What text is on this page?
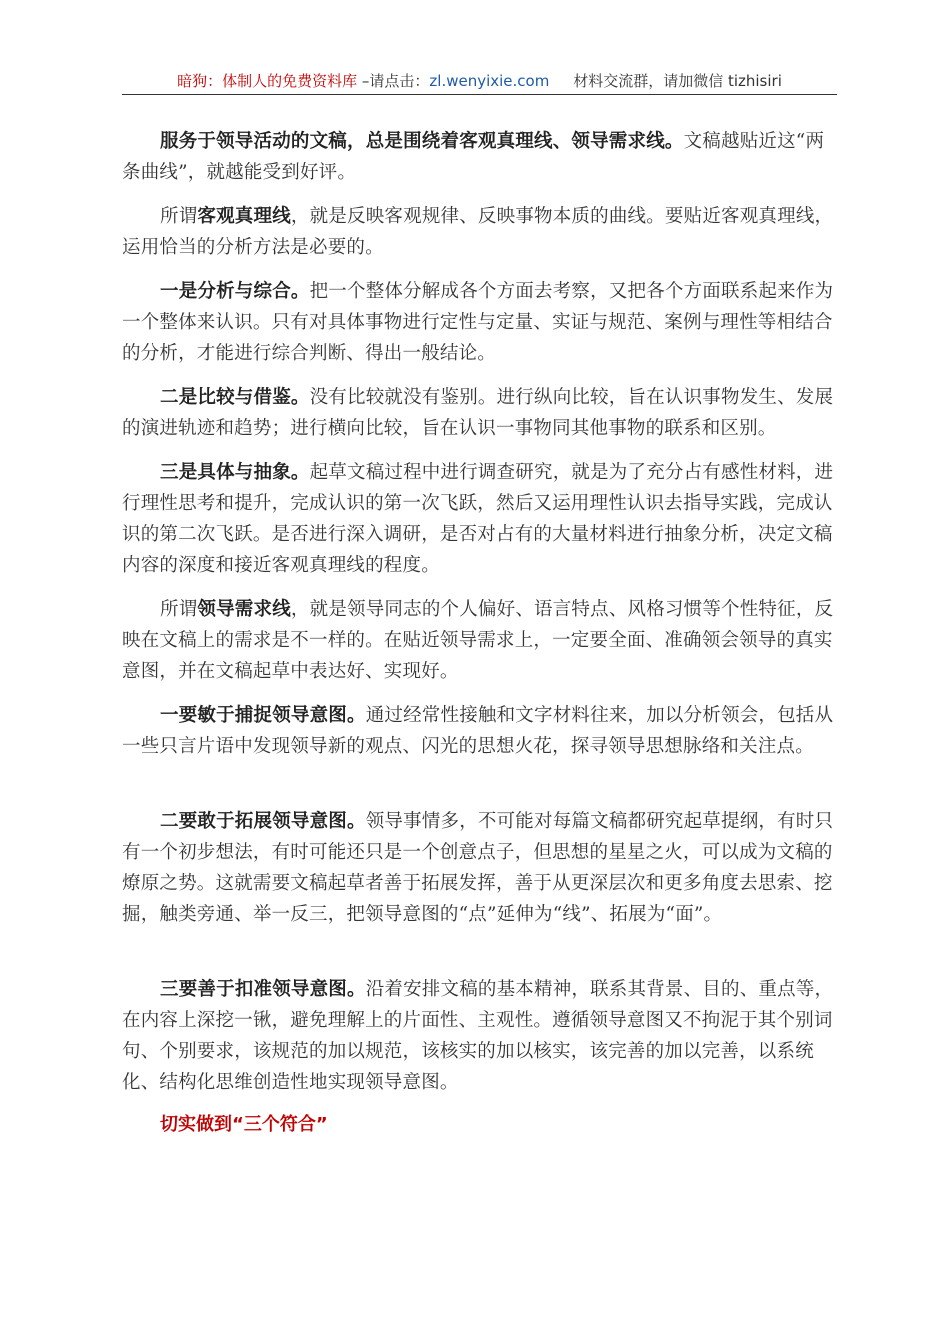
暗狗：体制人的免费资料库 –请点击：zl.wenyixie.com 材料交流群，请加微信 tizhisiri

服务于领导活动的文稿，总是围绕着客观真理线、领导需求线。文稿越贴近这“两条曲线”，就越能受到好评。

所谓客观真理线，就是反映客观规律、反映事物本质的曲线。要贴近客观真理线，运用恰当的分析方法是必要的。

一是分析与综合。把一个整体分解成各个方面去考察，又把各个方面联系起来作为一个整体来认识。只有对具体事物进行定性与定量、实证与规范、案例与理性等相结合的分析，才能进行综合判断、得出一般结论。

二是比较与借鉴。没有比较就没有鉴别。进行纵向比较，旨在认识事物发生、发展的演进轨迹和趋势；进行横向比较，旨在认识一事物同其他事物的联系和区别。

三是具体与抽象。起草文稿过程中进行调查研究，就是为了充分占有感性材料，进行理性思考和提升，完成认识的第一次飞跃，然后又运用理性认识去指导实践，完成认识的第二次飞跃。是否进行深入调研，是否对占有的大量材料进行抽象分析，决定文稿内容的深度和接近客观真理线的程度。

所谓领导需求线，就是领导同志的个人偏好、语言特点、风格习惯等个性特征，反映在文稿上的需求是不一样的。在贴近领导需求上，一定要全面、准确领会领导的真实意图，并在文稿起草中表达好、实现好。

一要敏于捕捉领导意图。通过经常性接触和文字材料往来，加以分析领会，包括从一些只言片语中发现领导新的观点、闪光的思想火花，探寻领导思想脉络和关注点。

二要敢于拓展领导意图。领导事情多，不可能对每篇文稿都研究起草提纲，有时只有一个初步想法，有时可能还只是一个创意点子，但思想的星星之火，可以成为文稿的燎原之势。这就需要文稿起草者善于拓展发挥，善于从更深层次和更多角度去思索、挖掘，触类旁通、举一反三，把领导意图的“点”延伸为“线”、拓展为“面”。

三要善于扣准领导意图。沿着安排文稿的基本精神，联系其背景、目的、重点等，在内容上深挖一锹，避免理解上的片面性、主观性。遵循领导意图又不拘泥于其个别词句、个别要求，该规范的加以规范，该核实的加以核实，该完善的加以完善，以系统化、结构化思维创造性地实现领导意图。

切实做到“三个符合”
